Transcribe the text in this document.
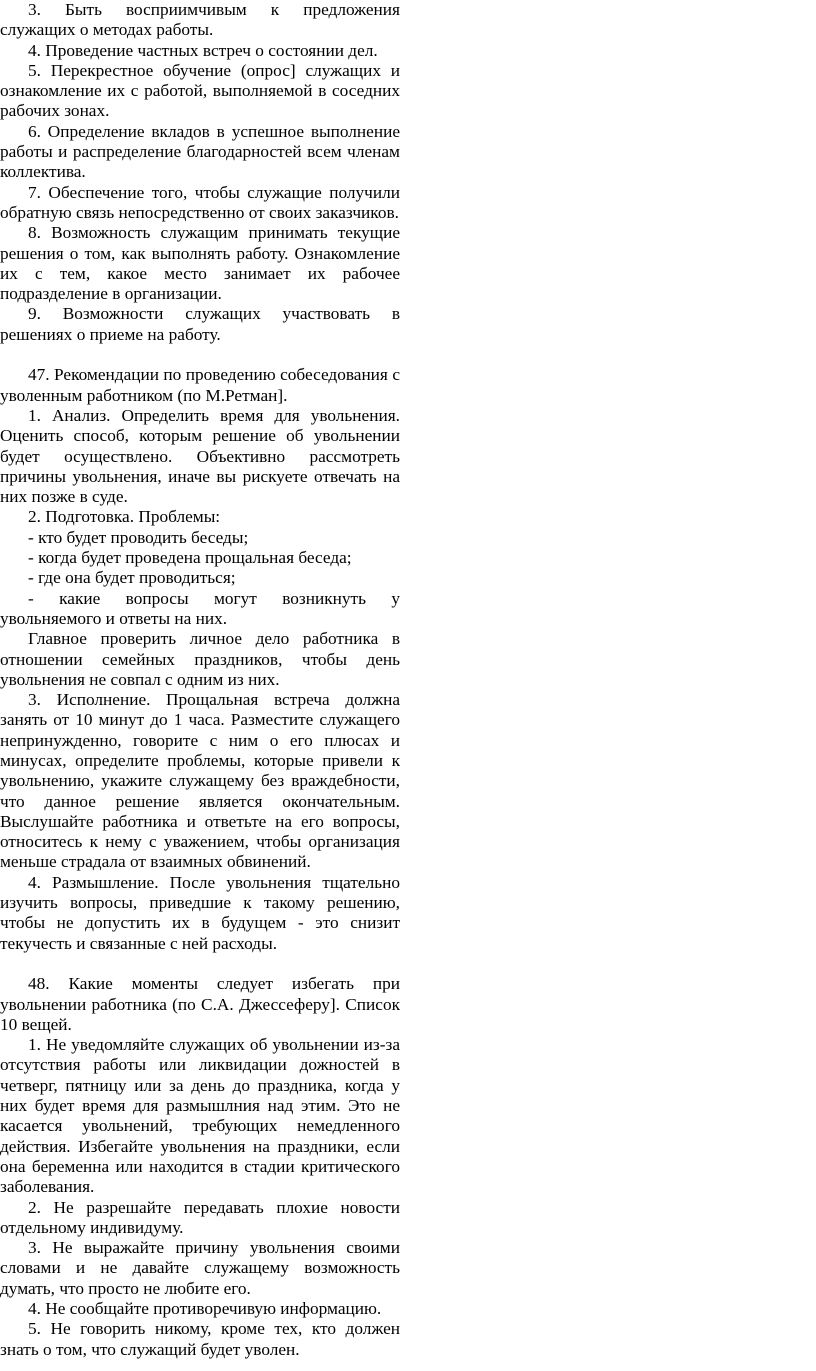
3. Быть восприимчивым к предложения служащих о методах работы.

4. Проведение частных встреч о состоянии дел.

5. Перекрестное обучение (опрос] служащих и ознакомление их с работой, выполняемой в соседних рабочих зонах.

6. Определение вкладов в успешное выполнение работы и распределение благодарностей всем членам коллектива.

7. Обеспечение того, чтобы служащие получили обратную связь непосредственно от своих заказчиков.

8. Возможность служащим принимать текущие решения о том, как выполнять работу. Ознакомление их с тем, какое место занимает их рабочее подразделение в организации.

9. Возможности служащих участвовать в решениях о приеме на работу.

47. Рекомендации по проведению собеседования с уволенным работником (по М.Ретман].

1. Анализ. Определить время для увольнения. Оценить способ, которым решение об увольнении будет осуществлено. Объективно рассмотреть причины увольнения, иначе вы рискуете отвечать на них позже в суде.

2. Подготовка. Проблемы:

- кто будет проводить беседы;

- когда будет проведена прощальная беседа;

- где она будет проводиться;

- какие вопросы могут возникнуть у увольняемого и ответы на них.

Главное проверить личное дело работника в отношении семейных праздников, чтобы день увольнения не совпал с одним из них.

3. Исполнение. Прощальная встреча должна занять от 10 минут до 1 часа. Разместите служащего непринужденно, говорите с ним о его плюсах и минусах, определите проблемы, которые привели к увольнению, укажите служащему без враждебности, что данное решение является окончательным. Выслушайте работника и ответьте на его вопросы, относитесь к нему с уважением, чтобы организация меньше страдала от взаимных обвинений.

4. Размышление. После увольнения тщательно изучить вопросы, приведшие к такому решению, чтобы не допустить их в будущем - это снизит текучесть и связанные с ней расходы.

48. Какие моменты следует избегать при увольнении работника (по С.А. Джессеферу]. Список 10 вещей.

1. Не уведомляйте служащих об увольнении из-за отсутствия работы или ликвидации дожностей в четверг, пятницу или за день до праздника, когда у них будет время для размышлния над этим. Это не касается увольнений, требующих немедленного действия. Избегайте увольнения на праздники, если она беременна или находится в стадии критического заболевания.

2. Не разрешайте передавать плохие новости отдельному индивидуму.

3. Не выражайте причину увольнения своими словами и не давайте служащему возможность думать, что просто не любите его.

4. Не сообщайте противоречивую информацию.

5. Не говорить никому, кроме тех, кто должен знать о том, что служащий будет уволен.
